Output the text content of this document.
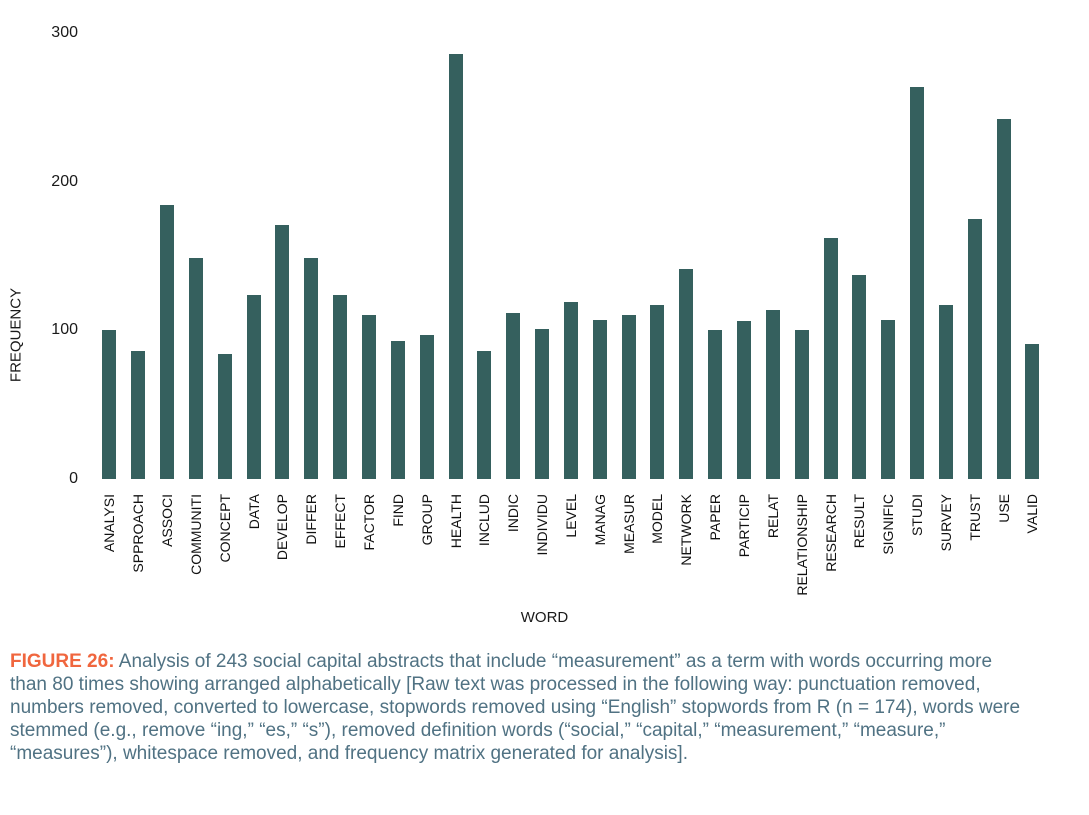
FREQUENCY
0
100
200
300
ANALYSI SPPROACH ASSOCI COMMUNITI CONCEPT DATA DEVELOP DIFFER EFFECT FACTOR FIND GROUP HEALTH INCLUD INDIC INDIVIDU LEVEL MANAG MEASUR MODEL NETWORK PAPER PARTICIP RELAT RELATIONSHIP RESEARCH RESULT SIGNIFIC STUDI SURVEY TRUST USE VALID
WORD

FIGURE 26: Analysis of 243 social capital abstracts that include “measurement” as a term with words occurring more than 80 times showing arranged alphabetically [Raw text was processed in the following way: punctuation removed, numbers removed, converted to lowercase, stopwords removed using “English” stopwords from R (n = 174), words were stemmed (e.g., remove “ing,” “es,” “s”), removed definition words (“social,” “capital,” “measurement,” “measure,” “measures”), whitespace removed, and frequency matrix generated for analysis].
